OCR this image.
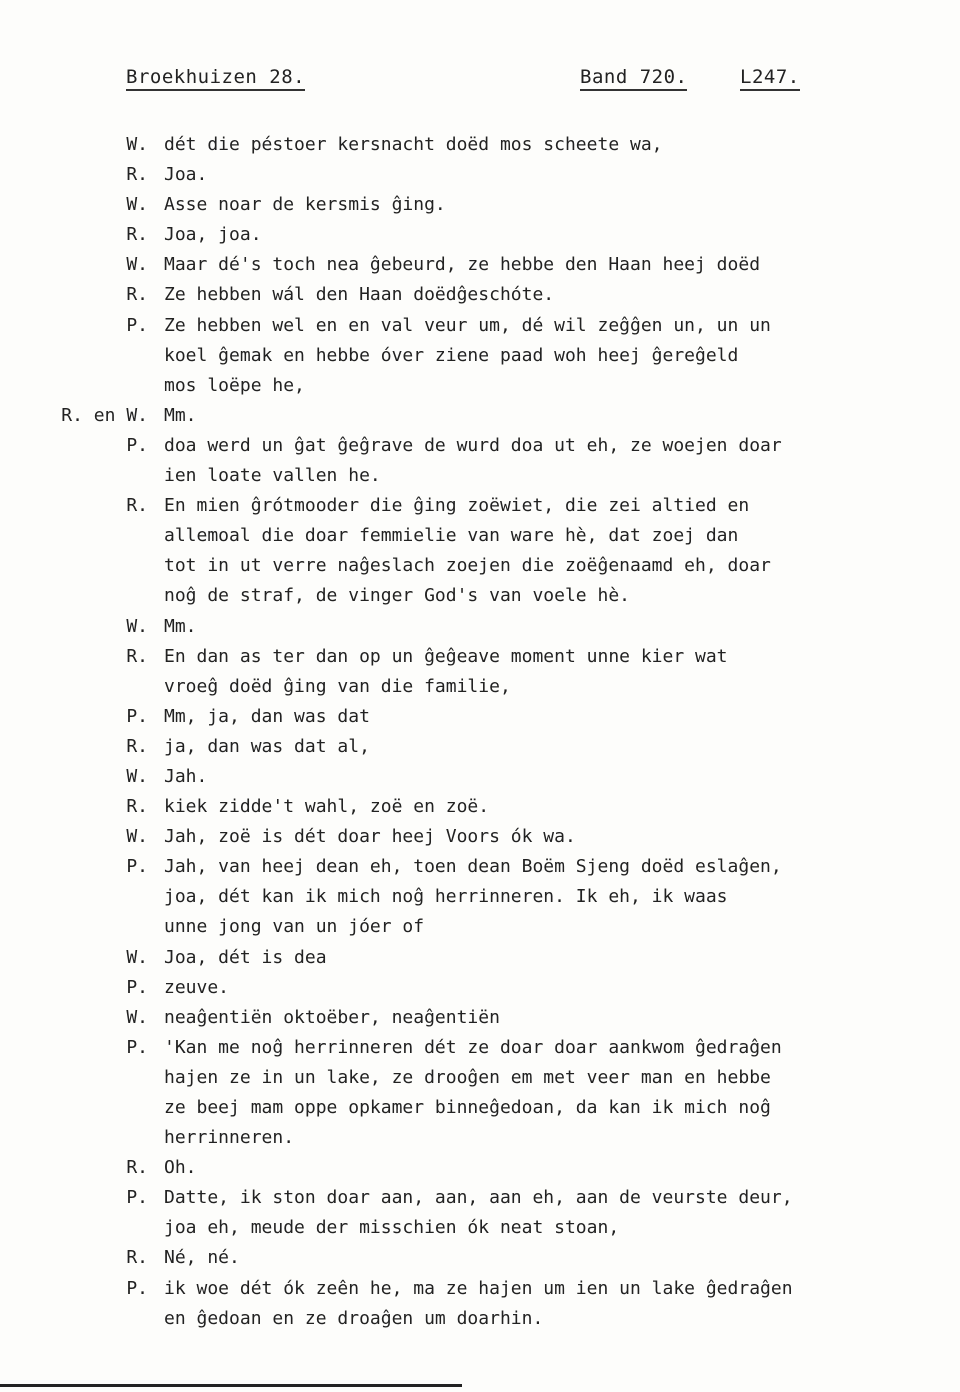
Broekhuizen 28.	Band 720.	L247.
W. dét die péstoer kersnacht doëd mos scheete wa,
R. Joa.
W. Asse noar de kersmis ĝing.
R. Joa, joa.
W. Maar dé's toch nea ĝebeurd, ze hebbe den Haan heej doëd
R. Ze hebben wál den Haan doëdĝeschóte.
P. Ze hebben wel en en val veur um, dé wil zeĝĝen un, un un
koel ĝemak en hebbe óver ziene paad woh heej ĝereĝeld
mos loëpe he,
R. en W. Mm.
P. doa werd un ĝat ĝeĝrave de wurd doa ut eh, ze woejen doar
ien loate vallen he.
R. En mien ĝrótmooder die ĝing zoëwiet, die zei altied en
allemoal die doar femmielie van ware hè, dat zoej dan
tot in ut verre naĝeslach zoejen die zoëĝenaamd eh, doar
noĝ de straf, de vinger God's van voele hè.
W. Mm.
R. En dan as ter dan op un ĝeĝeave moment unne kier wat
vroeĝ doëd ĝing van die familie,
P. Mm, ja, dan was dat
R. ja, dan was dat al,
W. Jah.
R. kiek zidde't wahl, zoë en zoë.
W. Jah, zoë is dét doar heej Voors ók wa.
P. Jah, van heej dean eh, toen dean Boëm Sjeng doëd eslaĝen,
joa, dét kan ik mich noĝ herrinneren. Ik eh, ik waas
unne jong van un jóer of
W. Joa, dét is dea
P. zeuve.
W. neaĝentiën oktoëber, neaĝentiën
P. 'Kan me noĝ herrinneren dét ze doar doar aankwom ĝedraĝen
hajen ze in un lake, ze drooĝen em met veer man en hebbe
ze beej mam oppe opkamer binneĝedoan, da kan ik mich noĝ
herrinneren.
R. Oh.
P. Datte, ik ston doar aan, aan, aan eh, aan de veurste deur,
joa eh, meude der misschien ók neat stoan,
R. Né, né.
P. ik woe dét ók zeên he, ma ze hajen um ien un lake ĝedraĝen
en ĝedoan en ze droaĝen um doarhin.
